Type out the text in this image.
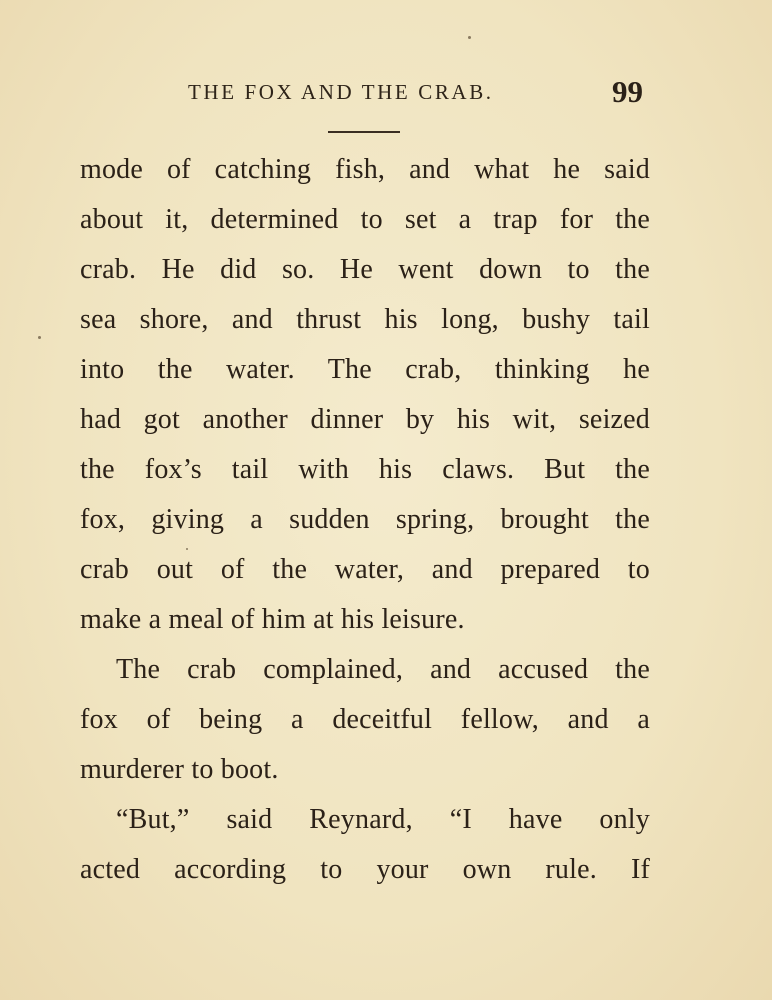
THE FOX AND THE CRAB.	99
mode of catching fish, and what he said
about it, determined to set a trap for the
crab. He did so. He went down to the
sea shore, and thrust his long, bushy tail
into the water. The crab, thinking he
had got another dinner by his wit, seized
the fox’s tail with his claws. But the
fox, giving a sudden spring, brought the
crab out of the water, and prepared to
make a meal of him at his leisure.
The crab complained, and accused the
fox of being a deceitful fellow, and a
murderer to boot.
“But,” said Reynard, “I have only
acted according to your own rule. If
